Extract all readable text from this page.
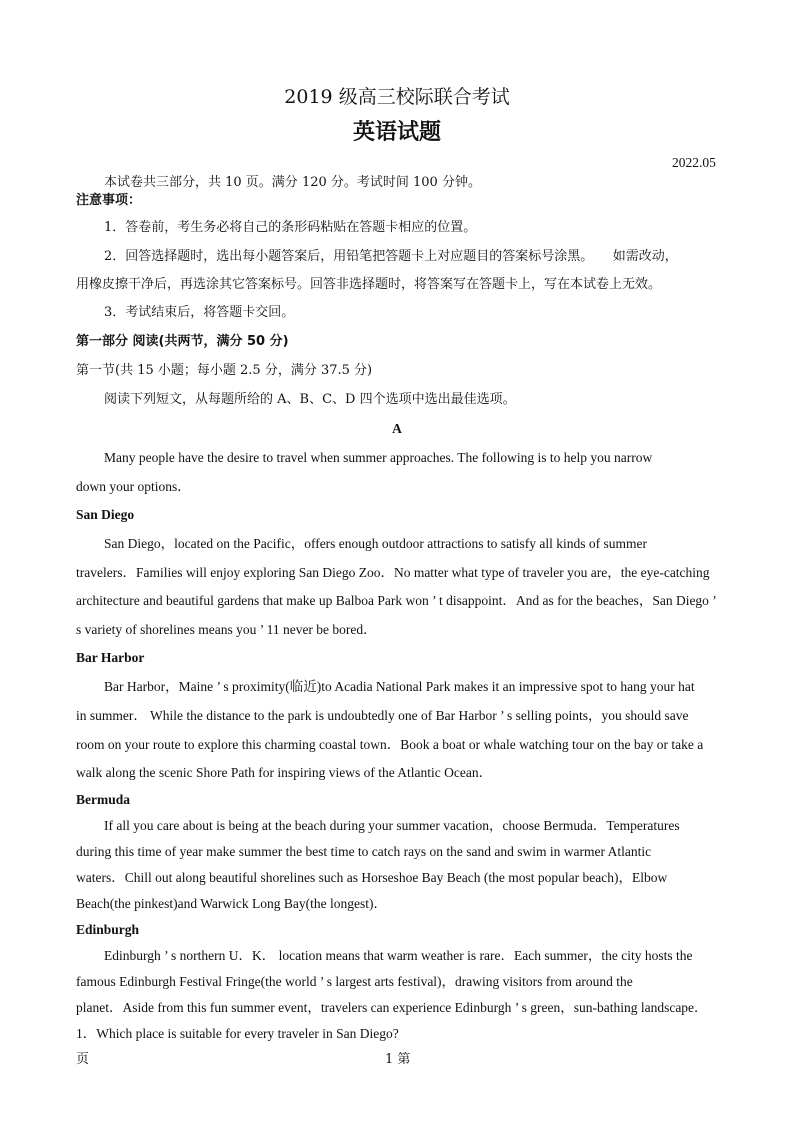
2019 级高三校际联合考试
英语试题
2022.05
本试卷共三部分，共 10 页。满分 120 分。考试时间 100 分钟。
注意事项：
1．答卷前，考生务必将自己的条形码粘贴在答题卡相应的位置。
2．回答选择题时，选出每小题答案后，用铅笔把答题卡上对应题目的答案标号涂黑。　　如需改动，
用橡皮擦干净后，再选涂其它答案标号。回答非选择题时，将答案写在答题卡上，写在本试卷上无效。
3．考试结束后，将答题卡交回。
第一部分 阅读(共两节，满分 50 分)
第一节(共 15 小题；每小题 2.5 分，满分 37.5 分)
阅读下列短文，从每题所给的 A、B、C、D 四个选项中选出最佳选项。
A
Many people have the desire to travel when summer approaches. The following is to help you narrow
down your options．
San Diego
San Diego，located on the Pacific，offers enough outdoor attractions to satisfy all kinds of summer
travelers．Families will enjoy exploring San Diego Zoo．No matter what type of traveler you are，the eye-catching
architecture and beautiful gardens that make up Balboa Park won ’ t disappoint．And as for the beaches，San Diego ’
s variety of shorelines means you ’ 11 never be bored．
Bar Harbor
Bar Harbor，Maine ’ s proximity(临近)to Acadia National Park makes it an impressive spot to hang your hat
in summer． While the distance to the park is undoubtedly one of Bar Harbor ’ s selling points，you should save
room on your route to explore this charming coastal town．Book a boat or whale watching tour on the bay or take a
walk along the scenic Shore Path for inspiring views of the Atlantic Ocean．
Bermuda
If all you care about is being at the beach during your summer vacation，choose Bermuda．Temperatures
during this time of year make summer the best time to catch rays on the sand and swim in warmer Atlantic
waters．Chill out along beautiful shorelines such as Horseshoe Bay Beach (the most popular beach)，Elbow
Beach(the pinkest)and Warwick Long Bay(the longest)．
Edinburgh
Edinburgh ’ s northern U．K． location means that warm weather is rare．Each summer，the city hosts the
famous Edinburgh Festival Fringe(the world ’ s largest arts festival)，drawing visitors from around the
planet．Aside from this fun summer event，travelers can experience Edinburgh ’ s green，sun-bathing landscape．
1．Which place is suitable for every traveler in San Diego?
页	1 第
